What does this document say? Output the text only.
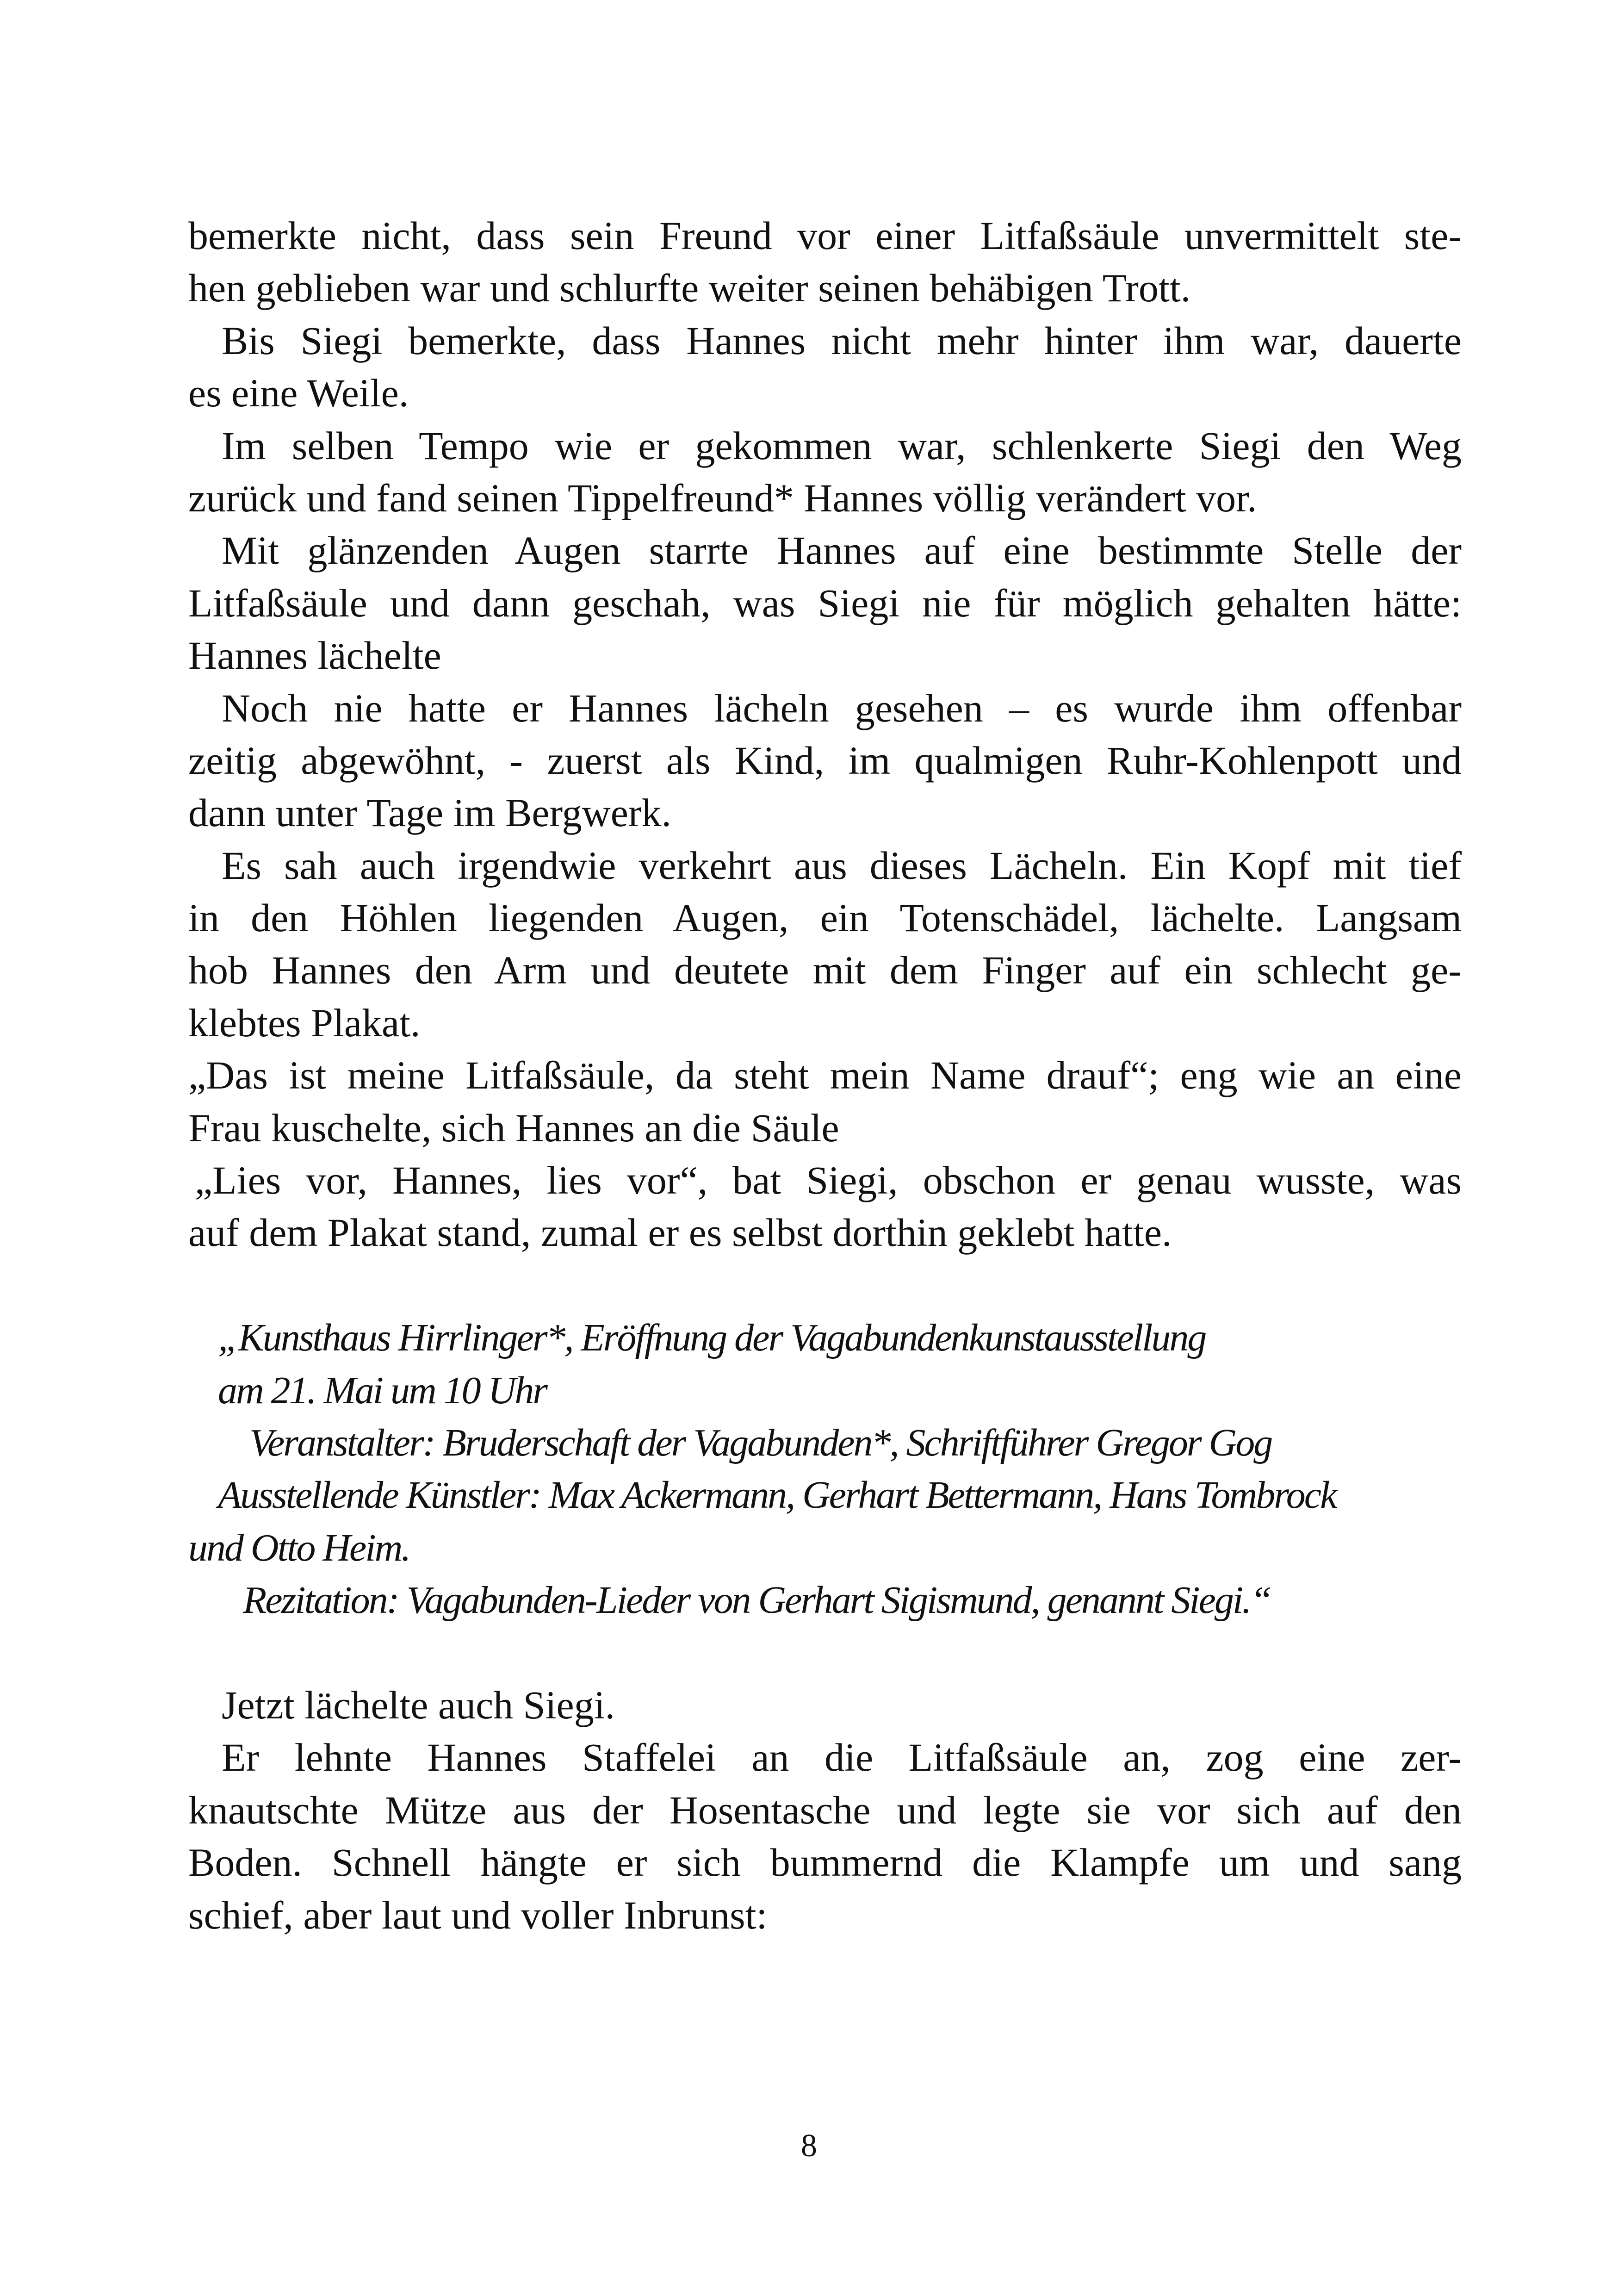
bemerkte nicht, dass sein Freund vor einer Litfaßsäule unvermittelt ste-
hen geblieben war und schlurfte weiter seinen behäbigen Trott.
Bis Siegi bemerkte, dass Hannes nicht mehr hinter ihm war, dauerte
es eine Weile.
Im selben Tempo wie er gekommen war, schlenkerte Siegi den Weg
zurück und fand seinen Tippelfreund* Hannes völlig verändert vor.
Mit glänzenden Augen starrte Hannes auf eine bestimmte Stelle der
Litfaßsäule und dann geschah, was Siegi nie für möglich gehalten hätte:
Hannes lächelte
Noch nie hatte er Hannes lächeln gesehen – es wurde ihm offenbar
zeitig abgewöhnt, - zuerst als Kind, im qualmigen Ruhr-Kohlenpott und
dann unter Tage im Bergwerk.
Es sah auch irgendwie verkehrt aus dieses Lächeln. Ein Kopf mit tief
in den Höhlen liegenden Augen, ein Totenschädel, lächelte. Langsam
hob Hannes den Arm und deutete mit dem Finger auf ein schlecht ge-
klebtes Plakat.
„Das ist meine Litfaßsäule, da steht mein Name drauf“; eng wie an eine
Frau kuschelte, sich Hannes an die Säule
„Lies vor, Hannes, lies vor“, bat Siegi, obschon er genau wusste, was
auf dem Plakat stand, zumal er es selbst dorthin geklebt hatte.
„Kunsthaus Hirrlinger*, Eröffnung der Vagabundenkunstausstellung
am 21. Mai um 10 Uhr
Veranstalter: Bruderschaft der Vagabunden*, Schriftführer Gregor Gog
Ausstellende Künstler: Max Ackermann, Gerhart Bettermann, Hans Tombrock
und Otto Heim.
Rezitation: Vagabunden-Lieder von Gerhart Sigismund, genannt Siegi.“
Jetzt lächelte auch Siegi.
Er lehnte Hannes Staffelei an die Litfaßsäule an, zog eine zer-
knautschte Mütze aus der Hosentasche und legte sie vor sich auf den
Boden. Schnell hängte er sich bummernd die Klampfe um und sang
schief, aber laut und voller Inbrunst:
8
